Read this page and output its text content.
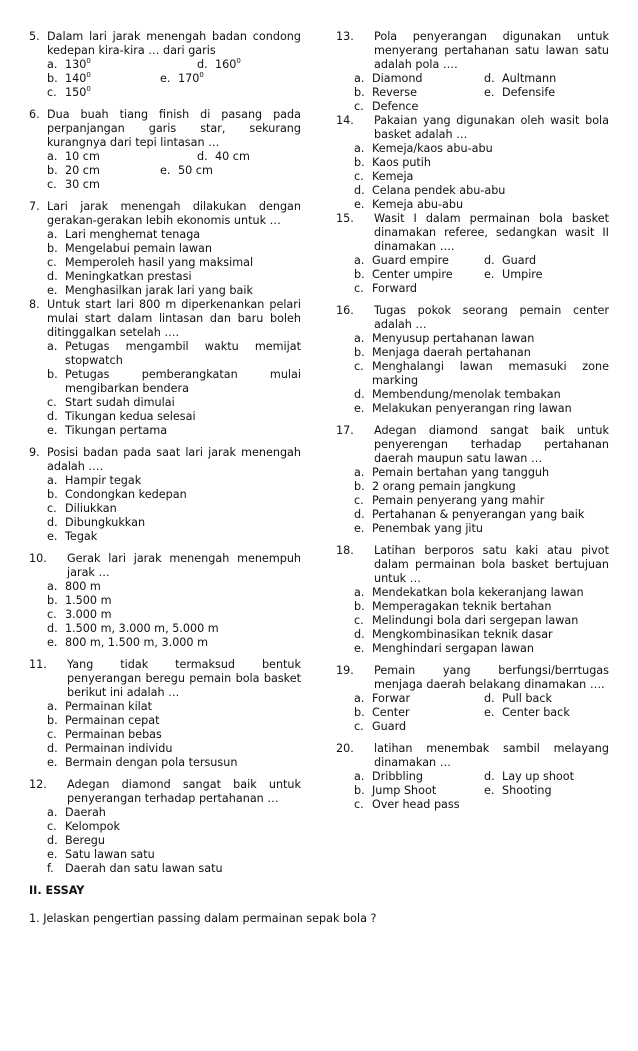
5. Dalam lari jarak menengah badan condong kedepan kira-kira … dari garis
a. $130^0$	d. $160^0$
b. $140^0$	e. $170^0$
c. $150^0$
6. Dua buah tiang finish di pasang pada perpanjangan garis star, sekurang kurangnya dari tepi lintasan …
a. 10 cm	d. 40 cm
b. 20 cm	e. 50 cm
c. 30 cm
7. Lari jarak menengah dilakukan dengan gerakan-gerakan lebih ekonomis untuk …
a. Lari menghemat tenaga
b. Mengelabui pemain lawan
c. Memperoleh hasil yang maksimal
d. Meningkatkan prestasi
e. Menghasilkan jarak lari yang baik
8. Untuk start lari 800 m diperkenankan pelari mulai start dalam lintasan dan baru boleh ditinggalkan setelah ….
a. Petugas mengambil waktu memijat stopwatch
b. Petugas pemberangkatan mulai mengibarkan bendera
c. Start sudah dimulai
d. Tikungan kedua selesai
e. Tikungan pertama
9. Posisi badan pada saat lari jarak menengah adalah ….
a. Hampir tegak
b. Condongkan kedepan
c. Diliukkan
d. Dibungkukkan
e. Tegak
10.	Gerak lari jarak menengah menempuh jarak …
a. 800 m
b. 1.500 m
c. 3.000 m
d. 1.500 m, 3.000 m, 5.000 m
e. 800 m, 1.500 m, 3.000 m
11.	Yang tidak termaksud bentuk penyerangan beregu pemain bola basket berikut ini adalah …
a. Permainan kilat
b. Permainan cepat
c. Permainan bebas
d. Permainan individu
e. Bermain dengan pola tersusun
12.	Adegan diamond sangat baik untuk penyerangan terhadap pertahanan …
a. Daerah
c. Kelompok
d. Beregu
e. Satu lawan satu
f.	Daerah dan satu lawan satu
13.	Pola penyerangan digunakan untuk menyerang pertahanan satu lawan satu adalah pola ….
a. Diamond	d. Aultmann
b. Reverse	e. Defensife
c. Defence
14.	Pakaian yang digunakan oleh wasit bola basket adalah …
a. Kemeja/kaos abu-abu
b. Kaos putih
c. Kemeja
d. Celana pendek abu-abu
e. Kemeja abu-abu
15.	Wasit I dalam permainan bola basket dinamakan referee, sedangkan wasit II dinamakan ….
a. Guard empire	d. Guard
b. Center umpire	e. Umpire
c. Forward
16.	Tugas pokok seorang pemain center adalah …
a. Menyusup pertahanan lawan
b. Menjaga daerah pertahanan
c. Menghalangi lawan memasuki zone marking
d. Membendung/menolak tembakan
e. Melakukan penyerangan ring lawan
17.	Adegan diamond sangat baik untuk penyerengan terhadap pertahanan daerah maupun satu lawan …
a. Pemain bertahan yang tangguh
b. 2 orang pemain jangkung
c. Pemain penyerang yang mahir
d. Pertahanan & penyerangan yang baik
e. Penembak yang jitu
18.	Latihan berporos satu kaki atau pivot dalam permainan bola basket bertujuan untuk …
a. Mendekatkan bola kekeranjang lawan
b. Memperagakan teknik bertahan
c. Melindungi bola dari sergepan lawan
d. Mengkombinasikan teknik dasar
e. Menghindari sergapan lawan
19.	Pemain yang berfungsi/berrtugas menjaga daerah belakang dinamakan ….
a. Forwar	d. Pull back
b. Center	e. Center back
c. Guard
20.	latihan menembak sambil melayang dinamakan …
a. Dribbling	d. Lay up shoot
b. Jump Shoot	e. Shooting
c. Over head pass
II. ESSAY
1. Jelaskan pengertian passing dalam permainan sepak bola ?
